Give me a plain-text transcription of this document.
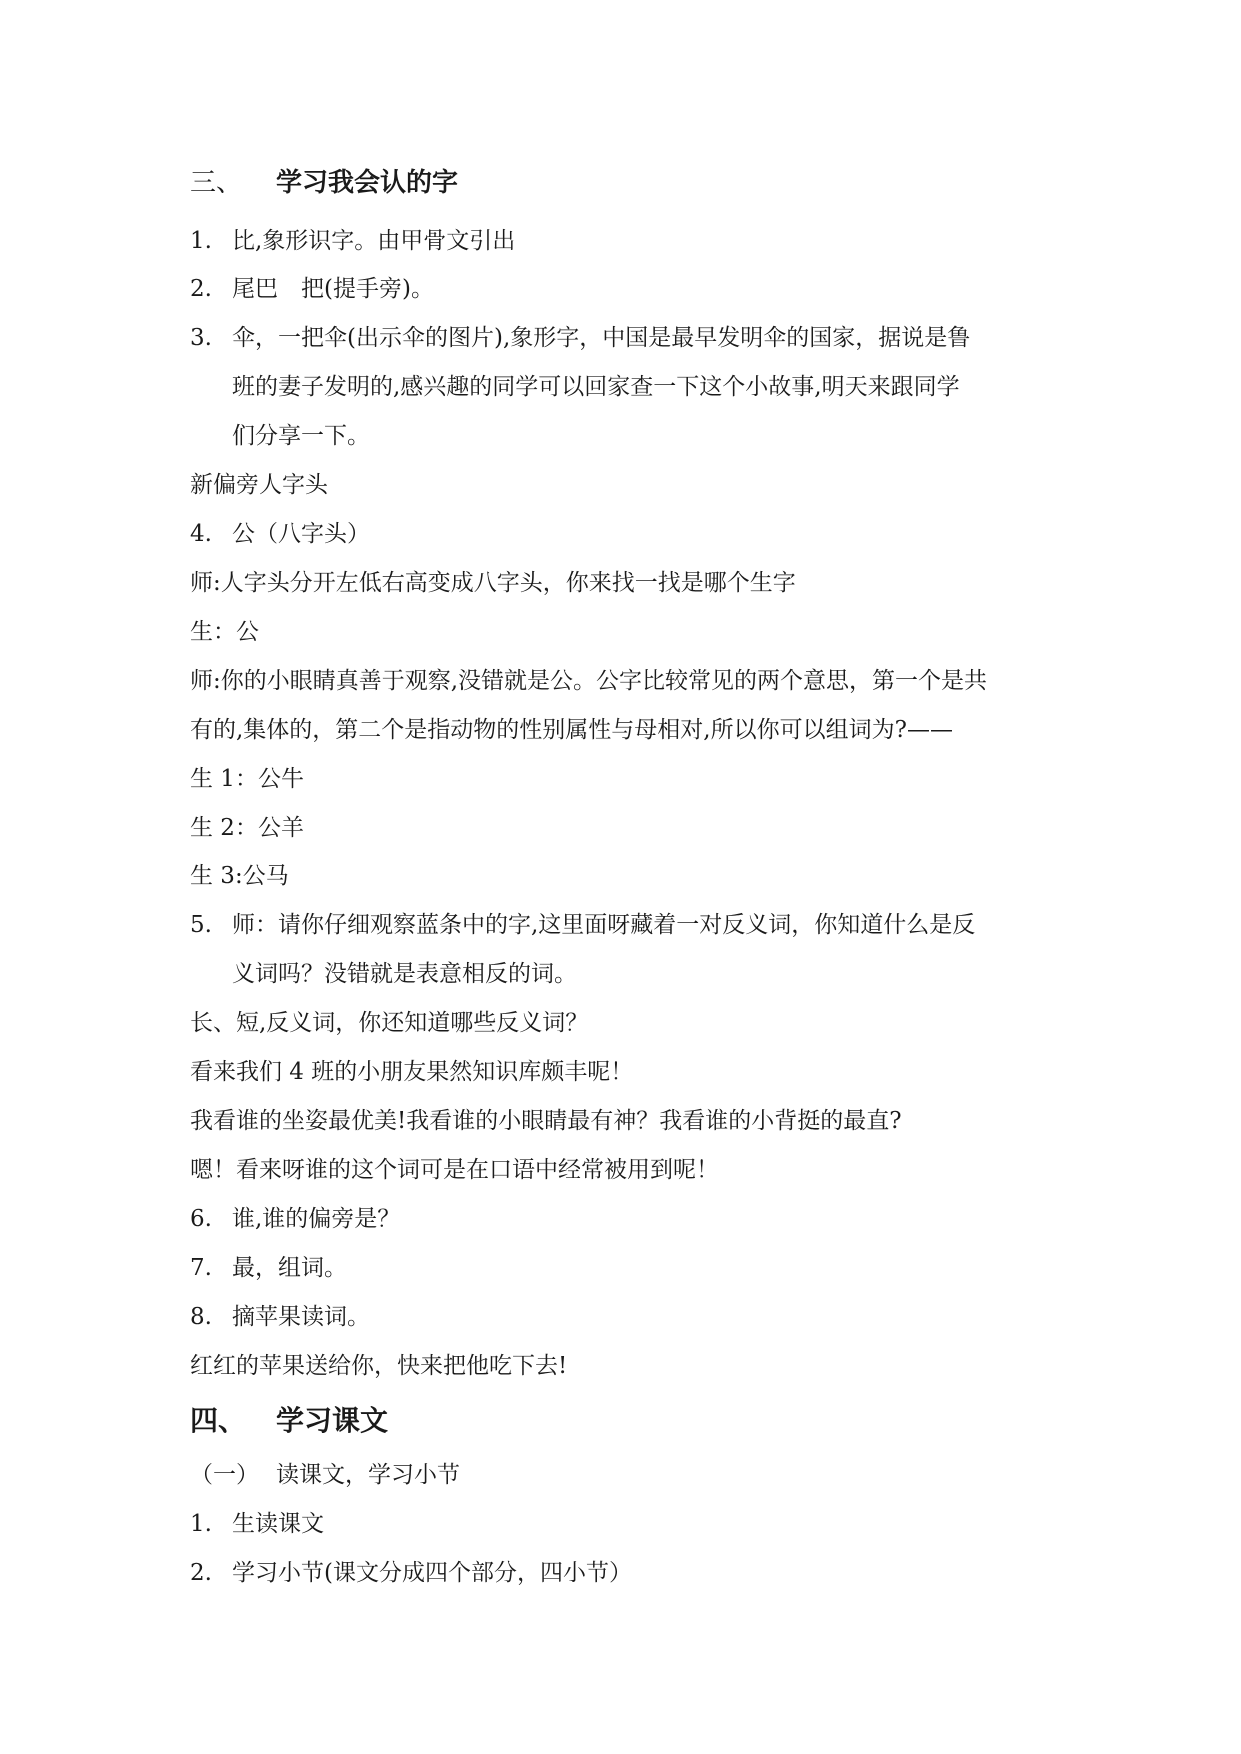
三、 学习我会认的字
1. 比,象形识字。由甲骨文引出
2. 尾巴　把(提手旁)。
3. 伞，一把伞(出示伞的图片),象形字，中国是最早发明伞的国家，据说是鲁
班的妻子发明的,感兴趣的同学可以回家查一下这个小故事,明天来跟同学
们分享一下。
新偏旁人字头
4. 公（八字头）
师:人字头分开左低右高变成八字头，你来找一找是哪个生字
生：公
师:你的小眼睛真善于观察,没错就是公。公字比较常见的两个意思，第一个是共
有的,集体的，第二个是指动物的性别属性与母相对,所以你可以组词为?——
生 1：公牛
生 2：公羊
生 3:公马
5. 师：请你仔细观察蓝条中的字,这里面呀藏着一对反义词，你知道什么是反
义词吗？没错就是表意相反的词。
长、短,反义词，你还知道哪些反义词？
看来我们 4 班的小朋友果然知识库颇丰呢！
我看谁的坐姿最优美!我看谁的小眼睛最有神？我看谁的小背挺的最直?
嗯！看来呀谁的这个词可是在口语中经常被用到呢！
6. 谁,谁的偏旁是？
7. 最，组词。
8. 摘苹果读词。
红红的苹果送给你，快来把他吃下去!
四、 学习课文
（一） 读课文，学习小节
1. 生读课文
2. 学习小节(课文分成四个部分，四小节）
